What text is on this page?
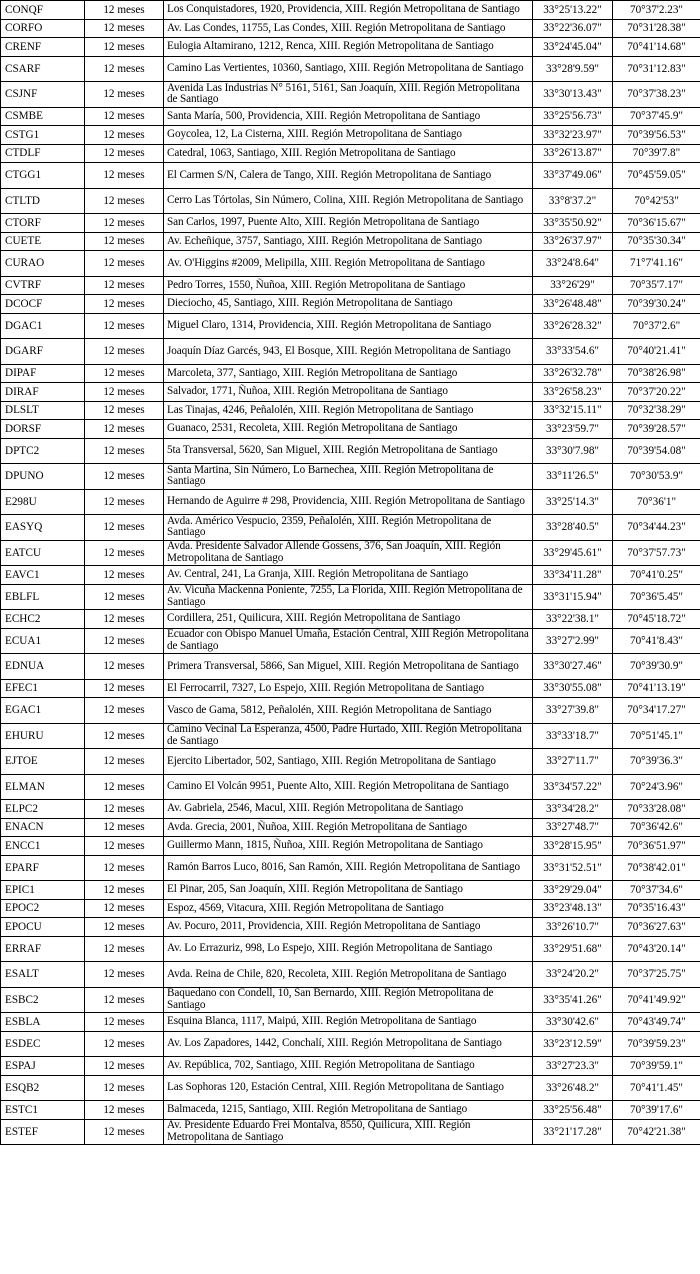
CONQF	12 meses	Los Conquistadores, 1920, Providencia, XIII. Región Metropolitana de Santiago	33°25'13.22"	70°37'2.23"
CORFO	12 meses	Av. Las Condes, 11755, Las Condes, XIII. Región Metropolitana de Santiago	33°22'36.07"	70°31'28.38"
CRENF	12 meses	Eulogia Altamirano, 1212, Renca, XIII. Región Metropolitana de Santiago	33°24'45.04"	70°41'14.68"
CSARF	12 meses	Camino Las Vertientes, 10360, Santiago, XIII. Región Metropolitana de Santiago	33°28'9.59"	70°31'12.83"
CSJNF	12 meses	Avenida Las Industrias N° 5161, 5161, San Joaquín, XIII. Región Metropolitana de Santiago	33°30'13.43"	70°37'38.23"
CSMBE	12 meses	Santa María, 500, Providencia, XIII. Región Metropolitana de Santiago	33°25'56.73"	70°37'45.9"
CSTG1	12 meses	Goycolea, 12, La Cisterna, XIII. Región Metropolitana de Santiago	33°32'23.97"	70°39'56.53"
CTDLF	12 meses	Catedral, 1063, Santiago, XIII. Región Metropolitana de Santiago	33°26'13.87"	70°39'7.8"
CTGG1	12 meses	El Carmen S/N, Calera de Tango, XIII. Región Metropolitana de Santiago	33°37'49.06"	70°45'59.05"
CTLTD	12 meses	Cerro Las Tórtolas, Sin Número, Colina, XIII. Región Metropolitana de Santiago	33°8'37.2"	70°42'53"
CTORF	12 meses	San Carlos, 1997, Puente Alto, XIII. Región Metropolitana de Santiago	33°35'50.92"	70°36'15.67"
CUETE	12 meses	Av. Echeñique, 3757, Santiago, XIII. Región Metropolitana de Santiago	33°26'37.97"	70°35'30.34"
CURAO	12 meses	Av. O'Higgins #2009, Melipilla, XIII. Región Metropolitana de Santiago	33°24'8.64"	71°7'41.16"
CVTRF	12 meses	Pedro Torres, 1550, Ñuñoa, XIII. Región Metropolitana de Santiago	33°26'29"	70°35'7.17"
DCOCF	12 meses	Dieciocho, 45, Santiago, XIII. Región Metropolitana de Santiago	33°26'48.48"	70°39'30.24"
DGAC1	12 meses	Miguel Claro, 1314, Providencia, XIII. Región Metropolitana de Santiago	33°26'28.32"	70°37'2.6"
DGARF	12 meses	Joaquín Díaz Garcés, 943, El Bosque, XIII. Región Metropolitana de Santiago	33°33'54.6"	70°40'21.41"
DIPAF	12 meses	Marcoleta, 377, Santiago, XIII. Región Metropolitana de Santiago	33°26'32.78"	70°38'26.98"
DIRAF	12 meses	Salvador, 1771, Ñuñoa, XIII. Región Metropolitana de Santiago	33°26'58.23"	70°37'20.22"
DLSLT	12 meses	Las Tinajas, 4246, Peñalolén, XIII. Región Metropolitana de Santiago	33°32'15.11"	70°32'38.29"
DORSF	12 meses	Guanaco, 2531, Recoleta, XIII. Región Metropolitana de Santiago	33°23'59.7"	70°39'28.57"
DPTC2	12 meses	5ta Transversal, 5620, San Miguel, XIII. Región Metropolitana de Santiago	33°30'7.98"	70°39'54.08"
DPUNO	12 meses	Santa Martina, Sin Número, Lo Barnechea, XIII. Región Metropolitana de Santiago	33°11'26.5"	70°30'53.9"
E298U	12 meses	Hernando de Aguirre # 298, Providencia, XIII. Región Metropolitana de Santiago	33°25'14.3"	70°36'1"
EASYQ	12 meses	Avda. Américo Vespucio, 2359, Peñalolén, XIII. Región Metropolitana de Santiago	33°28'40.5"	70°34'44.23"
EATCU	12 meses	Avda. Presidente Salvador Allende Gossens, 376, San Joaquín, XIII. Región Metropolitana de Santiago	33°29'45.61"	70°37'57.73"
EAVC1	12 meses	Av. Central, 241, La Granja, XIII. Región Metropolitana de Santiago	33°34'11.28"	70°41'0.25"
EBLFL	12 meses	Av. Vicuña Mackenna Poniente, 7255, La Florida, XIII. Región Metropolitana de Santiago	33°31'15.94"	70°36'5.45"
ECHC2	12 meses	Cordillera, 251, Quilicura, XIII. Región Metropolitana de Santiago	33°22'38.1"	70°45'18.72"
ECUA1	12 meses	Ecuador con Obispo Manuel Umaña, Estación Central, XIII Región Metropolitana de Santiago	33°27'2.99"	70°41'8.43"
EDNUA	12 meses	Primera Transversal, 5866, San Miguel, XIII. Región Metropolitana de Santiago	33°30'27.46"	70°39'30.9"
EFEC1	12 meses	El Ferrocarril, 7327, Lo Espejo, XIII. Región Metropolitana de Santiago	33°30'55.08"	70°41'13.19"
EGAC1	12 meses	Vasco de Gama, 5812, Peñalolén, XIII. Región Metropolitana de Santiago	33°27'39.8"	70°34'17.27"
EHURU	12 meses	Camino Vecinal La Esperanza, 4500, Padre Hurtado, XIII. Región Metropolitana de Santiago	33°33'18.7"	70°51'45.1"
EJTOE	12 meses	Ejercito Libertador, 502, Santiago, XIII. Región Metropolitana de Santiago	33°27'11.7"	70°39'36.3"
ELMAN	12 meses	Camino El Volcán 9951, Puente Alto, XIII. Región Metropolitana de Santiago	33°34'57.22"	70°24'3.96"
ELPC2	12 meses	Av. Gabriela, 2546, Macul, XIII. Región Metropolitana de Santiago	33°34'28.2"	70°33'28.08"
ENACN	12 meses	Avda. Grecia, 2001, Ñuñoa, XIII. Región Metropolitana de Santiago	33°27'48.7"	70°36'42.6"
ENCC1	12 meses	Guillermo Mann, 1815, Ñuñoa, XIII. Región Metropolitana de Santiago	33°28'15.95"	70°36'51.97"
EPARF	12 meses	Ramón Barros Luco, 8016, San Ramón, XIII. Región Metropolitana de Santiago	33°31'52.51"	70°38'42.01"
EPIC1	12 meses	El Pinar, 205, San Joaquín, XIII. Región Metropolitana de Santiago	33°29'29.04"	70°37'34.6"
EPOC2	12 meses	Espoz, 4569, Vitacura, XIII. Región Metropolitana de Santiago	33°23'48.13"	70°35'16.43"
EPOCU	12 meses	Av. Pocuro, 2011, Providencia, XIII. Región Metropolitana de Santiago	33°26'10.7"	70°36'27.63"
ERRAF	12 meses	Av. Lo Errazuriz, 998, Lo Espejo, XIII. Región Metropolitana de Santiago	33°29'51.68"	70°43'20.14"
ESALT	12 meses	Avda. Reina de Chile, 820, Recoleta, XIII. Región Metropolitana de Santiago	33°24'20.2"	70°37'25.75"
ESBC2	12 meses	Baquedano con Condell, 10, San Bernardo, XIII. Región Metropolitana de Santiago	33°35'41.26"	70°41'49.92"
ESBLA	12 meses	Esquina Blanca, 1117, Maipú, XIII. Región Metropolitana de Santiago	33°30'42.6"	70°43'49.74"
ESDEC	12 meses	Av. Los Zapadores, 1442, Conchalí, XIII. Región Metropolitana de Santiago	33°23'12.59"	70°39'59.23"
ESPAJ	12 meses	Av. República, 702, Santiago, XIII. Región Metropolitana de Santiago	33°27'23.3"	70°39'59.1"
ESQB2	12 meses	Las Sophoras 120, Estación Central, XIII. Región Metropolitana de Santiago	33°26'48.2"	70°41'1.45"
ESTC1	12 meses	Balmaceda, 1215, Santiago, XIII. Región Metropolitana de Santiago	33°25'56.48"	70°39'17.6"
ESTEF	12 meses	Av. Presidente Eduardo Frei Montalva, 8550, Quilicura, XIII. Región Metropolitana de Santiago	33°21'17.28"	70°42'21.38"
